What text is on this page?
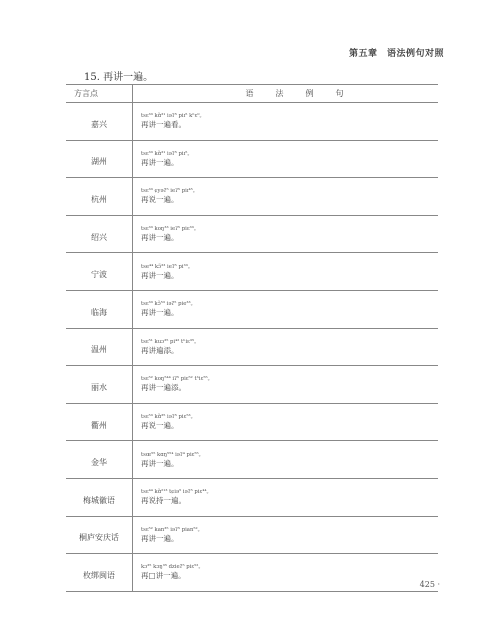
第五章　语法例句对照
15. 再讲一遍。
方言点	语法例句
嘉兴	tsɛ³³ kɑ̃³¹ iəʔ⁵ piɪ⁵ kʰɛ⁰。
再讲一遍看。

湖州	tsɛ³³ kɑ̃³¹ iəʔ⁵ piɪ⁵。
再讲一遍。

杭州	tsɛ³³ ɕyəʔ⁵ ieʔ⁵ piɪ⁴⁵。
再说一遍。

绍兴	tsɛ³³ koŋ³³ ieʔ⁵ piɛ³³。
再讲一遍。

宁波	tse⁴⁴ kɔ̃³³ ieʔ⁵ pi³³。
再讲一遍。

临海	tsɛ³³ kɔ̃⁵³ iəʔ⁵ pie³³。
再讲一遍。

温州	tsɛ⁵¹ kuɔ³⁵ pi⁴² tʰiɛ³⁵。
再讲遍添。

丽水	tsɛ⁵² koŋ⁵⁴⁴ iʔ⁵ piɛ⁵² tʰiɛ⁵⁵。
再讲一遍添。

衢州	tsɛ⁵³ kɑ̃³⁵ iəʔ⁵ piɛ⁵³。
再说一遍。

金华	tsœ⁵⁵ kɑŋ⁵⁵⁴ iəʔ⁴ piɛ⁵⁵。
再讲一遍。

梅城徽语	tsɛ⁴⁴ kɑ̃²¹³ tɕiə⁵ iəʔ⁵ piɛ⁴⁴。
再说持一遍。

桐庐安庆话	tsɛ⁵² kan³⁵ iəʔ⁵ pian⁵²。
再讲一遍。

枚绑闽语	kɔ³⁵ kɔŋ³⁵ dzieʔ⁵ piɛ⁵²。
再□讲一遍。
425 ·
